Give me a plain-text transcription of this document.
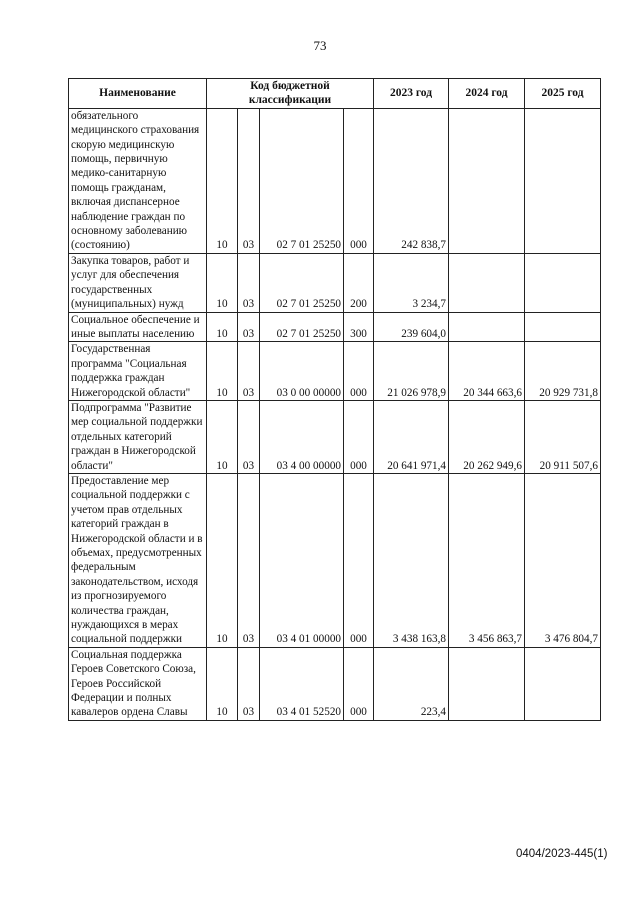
73
Наименование	Код бюджетной классификации				2023 год	2024 год	2025 год
обязательного медицинского страхования скорую медицинскую помощь, первичную медико-санитарную помощь гражданам, включая диспансерное наблюдение граждан по основному заболеванию (состоянию)	10	03	02 7 01 25250	000	242 838,7		
Закупка товаров, работ и услуг для обеспечения государственных (муниципальных) нужд	10	03	02 7 01 25250	200	3 234,7		
Социальное обеспечение и иные выплаты населению	10	03	02 7 01 25250	300	239 604,0		
Государственная программа "Социальная поддержка граждан Нижегородской области"	10	03	03 0 00 00000	000	21 026 978,9	20 344 663,6	20 929 731,8
Подпрограмма "Развитие мер социальной поддержки отдельных категорий граждан в Нижегородской области"	10	03	03 4 00 00000	000	20 641 971,4	20 262 949,6	20 911 507,6
Предоставление мер социальной поддержки с учетом прав отдельных категорий граждан в Нижегородской области и в объемах, предусмотренных федеральным законодательством, исходя из прогнозируемого количества граждан, нуждающихся в мерах социальной поддержки	10	03	03 4 01 00000	000	3 438 163,8	3 456 863,7	3 476 804,7
Социальная поддержка Героев Советского Союза, Героев Российской Федерации и полных кавалеров ордена Славы	10	03	03 4 01 52520	000	223,4		
0404/2023-445(1)
